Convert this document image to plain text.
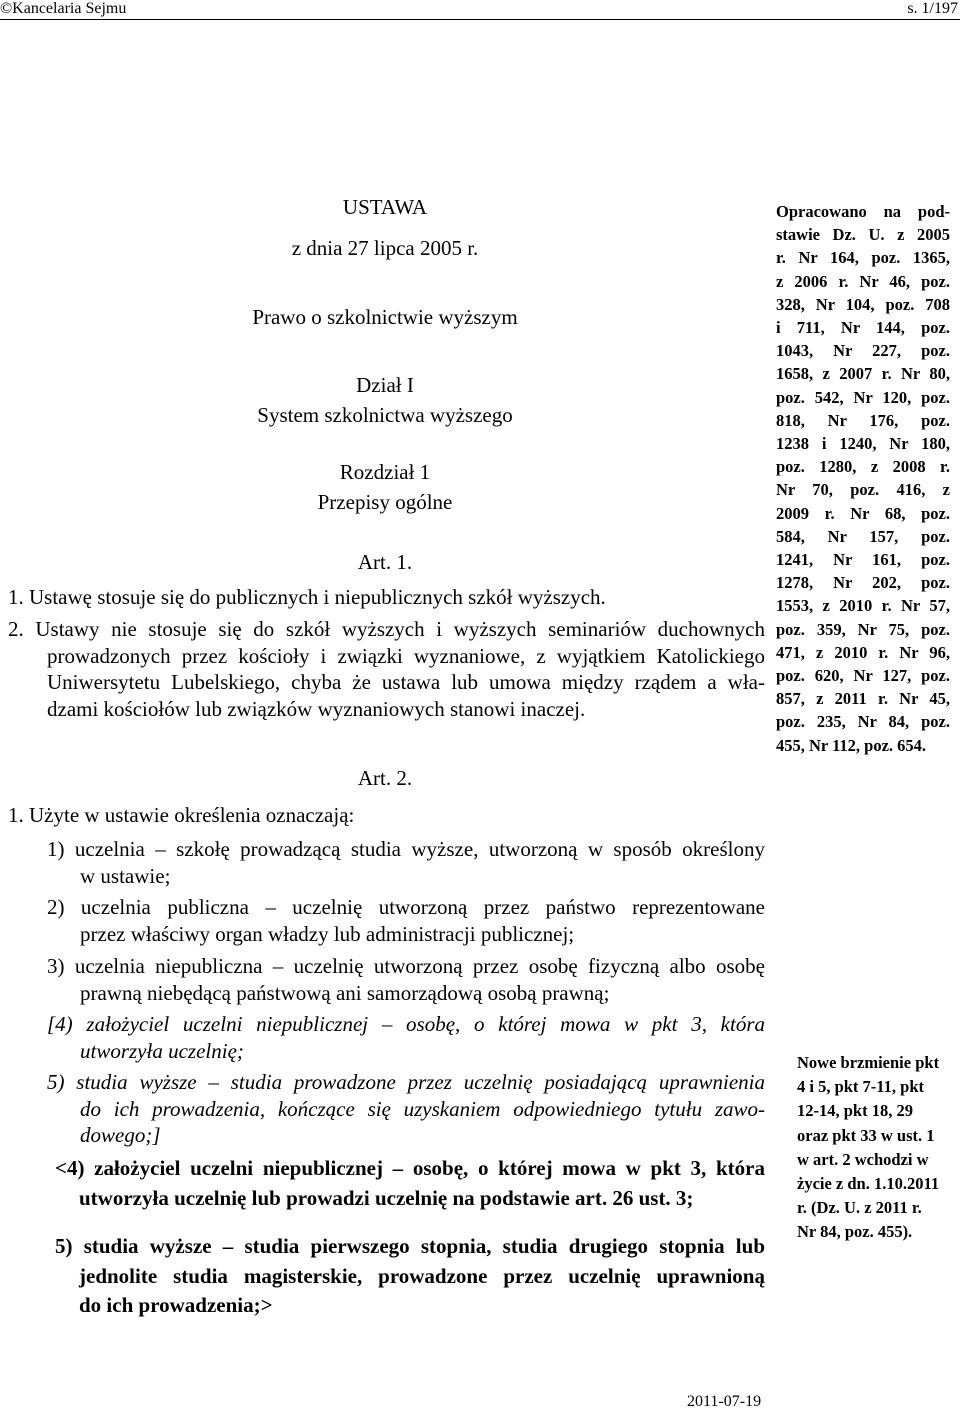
©Kancelaria Sejmu	s. 1/197
USTAWA
z dnia 27 lipca 2005 r.
Prawo o szkolnictwie wyższym
Dział I
System szkolnictwa wyższego
Rozdział 1
Przepisy ogólne
Art. 1.
1. Ustawę stosuje się do publicznych i niepublicznych szkół wyższych.
2. Ustawy nie stosuje się do szkół wyższych i wyższych seminariów duchownych
prowadzonych przez kościoły i związki wyznaniowe, z wyjątkiem Katolickiego
Uniwersytetu Lubelskiego, chyba że ustawa lub umowa między rządem a wła-
dzami kościołów lub związków wyznaniowych stanowi inaczej.
Art. 2.
1. Użyte w ustawie określenia oznaczają:
1) uczelnia – szkołę prowadzącą studia wyższe, utworzoną w sposób określony
w ustawie;
2) uczelnia publiczna – uczelnię utworzoną przez państwo reprezentowane
przez właściwy organ władzy lub administracji publicznej;
3) uczelnia niepubliczna – uczelnię utworzoną przez osobę fizyczną albo osobę
prawną niebędącą państwową ani samorządową osobą prawną;
[4) założyciel uczelni niepublicznej – osobę, o której mowa w pkt 3, która
utworzyła uczelnię;
5) studia wyższe – studia prowadzone przez uczelnię posiadającą uprawnienia
do ich prowadzenia, kończące się uzyskaniem odpowiedniego tytułu zawo-
dowego;]
<4) założyciel uczelni niepublicznej – osobę, o której mowa w pkt 3, która
utworzyła uczelnię lub prowadzi uczelnię na podstawie art. 26 ust. 3;
5) studia wyższe – studia pierwszego stopnia, studia drugiego stopnia lub
jednolite studia magisterskie, prowadzone przez uczelnię uprawnioną
do ich prowadzenia;>
Opracowano na pod-
stawie Dz. U. z 2005
r. Nr 164, poz. 1365,
z 2006 r. Nr 46, poz.
328, Nr 104, poz. 708
i 711, Nr 144, poz.
1043, Nr 227, poz.
1658, z 2007 r. Nr 80,
poz. 542, Nr 120, poz.
818, Nr 176, poz.
1238 i 1240, Nr 180,
poz. 1280, z 2008 r.
Nr 70, poz. 416, z
2009 r. Nr 68, poz.
584, Nr 157, poz.
1241, Nr 161, poz.
1278, Nr 202, poz.
1553, z 2010 r. Nr 57,
poz. 359, Nr 75, poz.
471, z 2010 r. Nr 96,
poz. 620, Nr 127, poz.
857, z 2011 r. Nr 45,
poz. 235, Nr 84, poz.
455, Nr 112, poz. 654.
Nowe brzmienie pkt
4 i 5, pkt 7-11, pkt
12-14, pkt 18, 29
oraz pkt 33 w ust. 1
w art. 2 wchodzi w
życie z dn. 1.10.2011
r. (Dz. U. z 2011 r.
Nr 84, poz. 455).
2011-07-19
